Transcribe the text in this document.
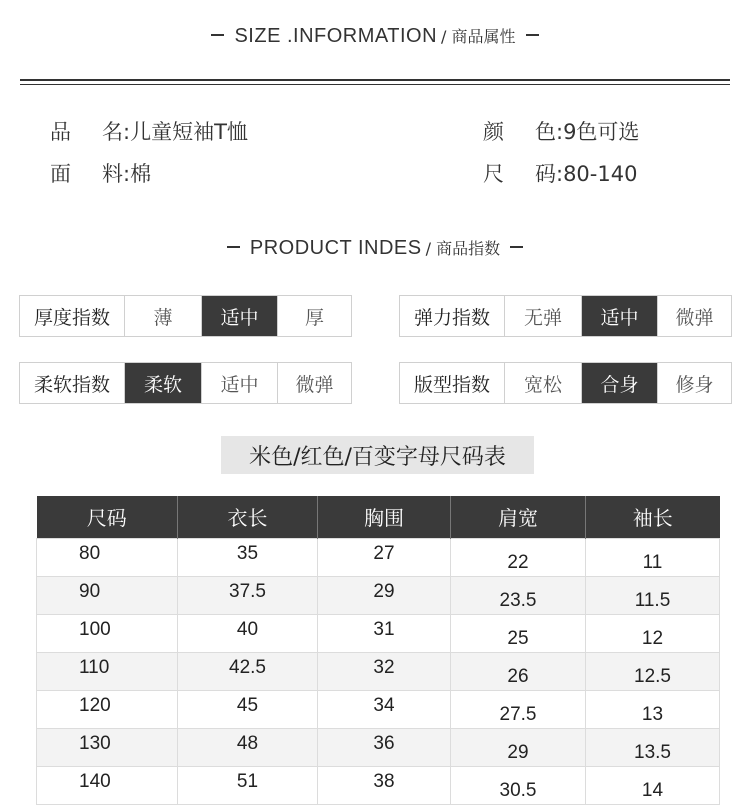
SIZE .INFORMATION / 商品属性
品 名:儿童短袖T恤
面 料:棉
颜 色:9色可选
尺 码:80-140
PRODUCT INDES / 商品指数
厚度指数	薄	适中	厚	弹力指数	无弹	适中	微弹
柔软指数	柔软	适中	微弹	版型指数	宽松	合身	修身
米色/红色/百变字母尺码表
尺码	衣长	胸围	肩宽	袖长
80	35	27	22	11
90	37.5	29	23.5	11.5
100	40	31	25	12
110	42.5	32	26	12.5
120	45	34	27.5	13
130	48	36	29	13.5
140	51	38	30.5	14
